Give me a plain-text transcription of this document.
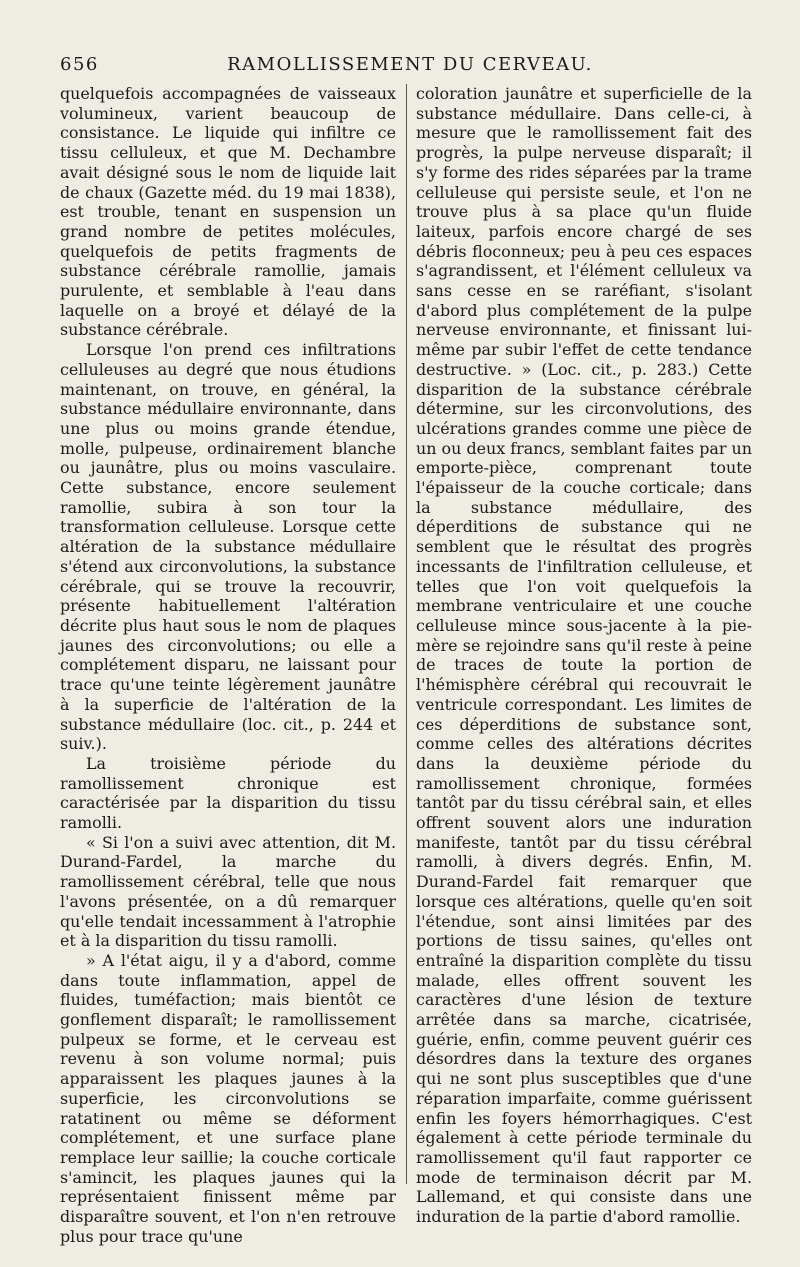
656	RAMOLLISSEMENT DU CERVEAU.

quelquefois accompagnées de vaisseaux volumineux, varient beaucoup de consistance. Le liquide qui infiltre ce tissu celluleux, et que M. Dechambre avait désigné sous le nom de liquide lait de chaux (Gazette méd. du 19 mai 1838), est trouble, tenant en suspension un grand nombre de petites molécules, quelquefois de petits fragments de substance cérébrale ramollie, jamais purulente, et semblable à l'eau dans laquelle on a broyé et délayé de la substance cérébrale.

Lorsque l'on prend ces infiltrations celluleuses au degré que nous étudions maintenant, on trouve, en général, la substance médullaire environnante, dans une plus ou moins grande étendue, molle, pulpeuse, ordinairement blanche ou jaunâtre, plus ou moins vasculaire. Cette substance, encore seulement ramollie, subira à son tour la transformation celluleuse. Lorsque cette altération de la substance médullaire s'étend aux circonvolutions, la substance cérébrale, qui se trouve la recouvrir, présente habituellement l'altération décrite plus haut sous le nom de plaques jaunes des circonvolutions; ou elle a complétement disparu, ne laissant pour trace qu'une teinte légèrement jaunâtre à la superficie de l'altération de la substance médullaire (loc. cit., p. 244 et suiv.).

La troisième période du ramollissement chronique est caractérisée par la disparition du tissu ramolli.

« Si l'on a suivi avec attention, dit M. Durand-Fardel, la marche du ramollissement cérébral, telle que nous l'avons présentée, on a dû remarquer qu'elle tendait incessamment à l'atrophie et à la disparition du tissu ramolli.

» A l'état aigu, il y a d'abord, comme dans toute inflammation, appel de fluides, tuméfaction; mais bientôt ce gonflement disparaît; le ramollissement pulpeux se forme, et le cerveau est revenu à son volume normal; puis apparaissent les plaques jaunes à la superficie, les circonvolutions se ratatinent ou même se déforment complétement, et une surface plane remplace leur saillie; la couche corticale s'amincit, les plaques jaunes qui la représentaient finissent même par disparaître souvent, et l'on n'en retrouve plus pour trace qu'une

coloration jaunâtre et superficielle de la substance médullaire. Dans celle-ci, à mesure que le ramollissement fait des progrès, la pulpe nerveuse disparaît; il s'y forme des rides séparées par la trame celluleuse qui persiste seule, et l'on ne trouve plus à sa place qu'un fluide laiteux, parfois encore chargé de ses débris floconneux; peu à peu ces espaces s'agrandissent, et l'élément celluleux va sans cesse en se raréfiant, s'isolant d'abord plus complétement de la pulpe nerveuse environnante, et finissant lui-même par subir l'effet de cette tendance destructive. » (Loc. cit., p. 283.) Cette disparition de la substance cérébrale détermine, sur les circonvolutions, des ulcérations grandes comme une pièce de un ou deux francs, semblant faites par un emporte-pièce, comprenant toute l'épaisseur de la couche corticale; dans la substance médullaire, des déperditions de substance qui ne semblent que le résultat des progrès incessants de l'infiltration celluleuse, et telles que l'on voit quelquefois la membrane ventriculaire et une couche celluleuse mince sous-jacente à la pie-mère se rejoindre sans qu'il reste à peine de traces de toute la portion de l'hémisphère cérébral qui recouvrait le ventricule correspondant. Les limites de ces déperditions de substance sont, comme celles des altérations décrites dans la deuxième période du ramollissement chronique, formées tantôt par du tissu cérébral sain, et elles offrent souvent alors une induration manifeste, tantôt par du tissu cérébral ramolli, à divers degrés. Enfin, M. Durand-Fardel fait remarquer que lorsque ces altérations, quelle qu'en soit l'étendue, sont ainsi limitées par des portions de tissu saines, qu'elles ont entraîné la disparition complète du tissu malade, elles offrent souvent les caractères d'une lésion de texture arrêtée dans sa marche, cicatrisée, guérie, enfin, comme peuvent guérir ces désordres dans la texture des organes qui ne sont plus susceptibles que d'une réparation imparfaite, comme guérissent enfin les foyers hémorrhagiques. C'est également à cette période terminale du ramollissement qu'il faut rapporter ce mode de terminaison décrit par M. Lallemand, et qui consiste dans une induration de la partie d'abord ramollie.
